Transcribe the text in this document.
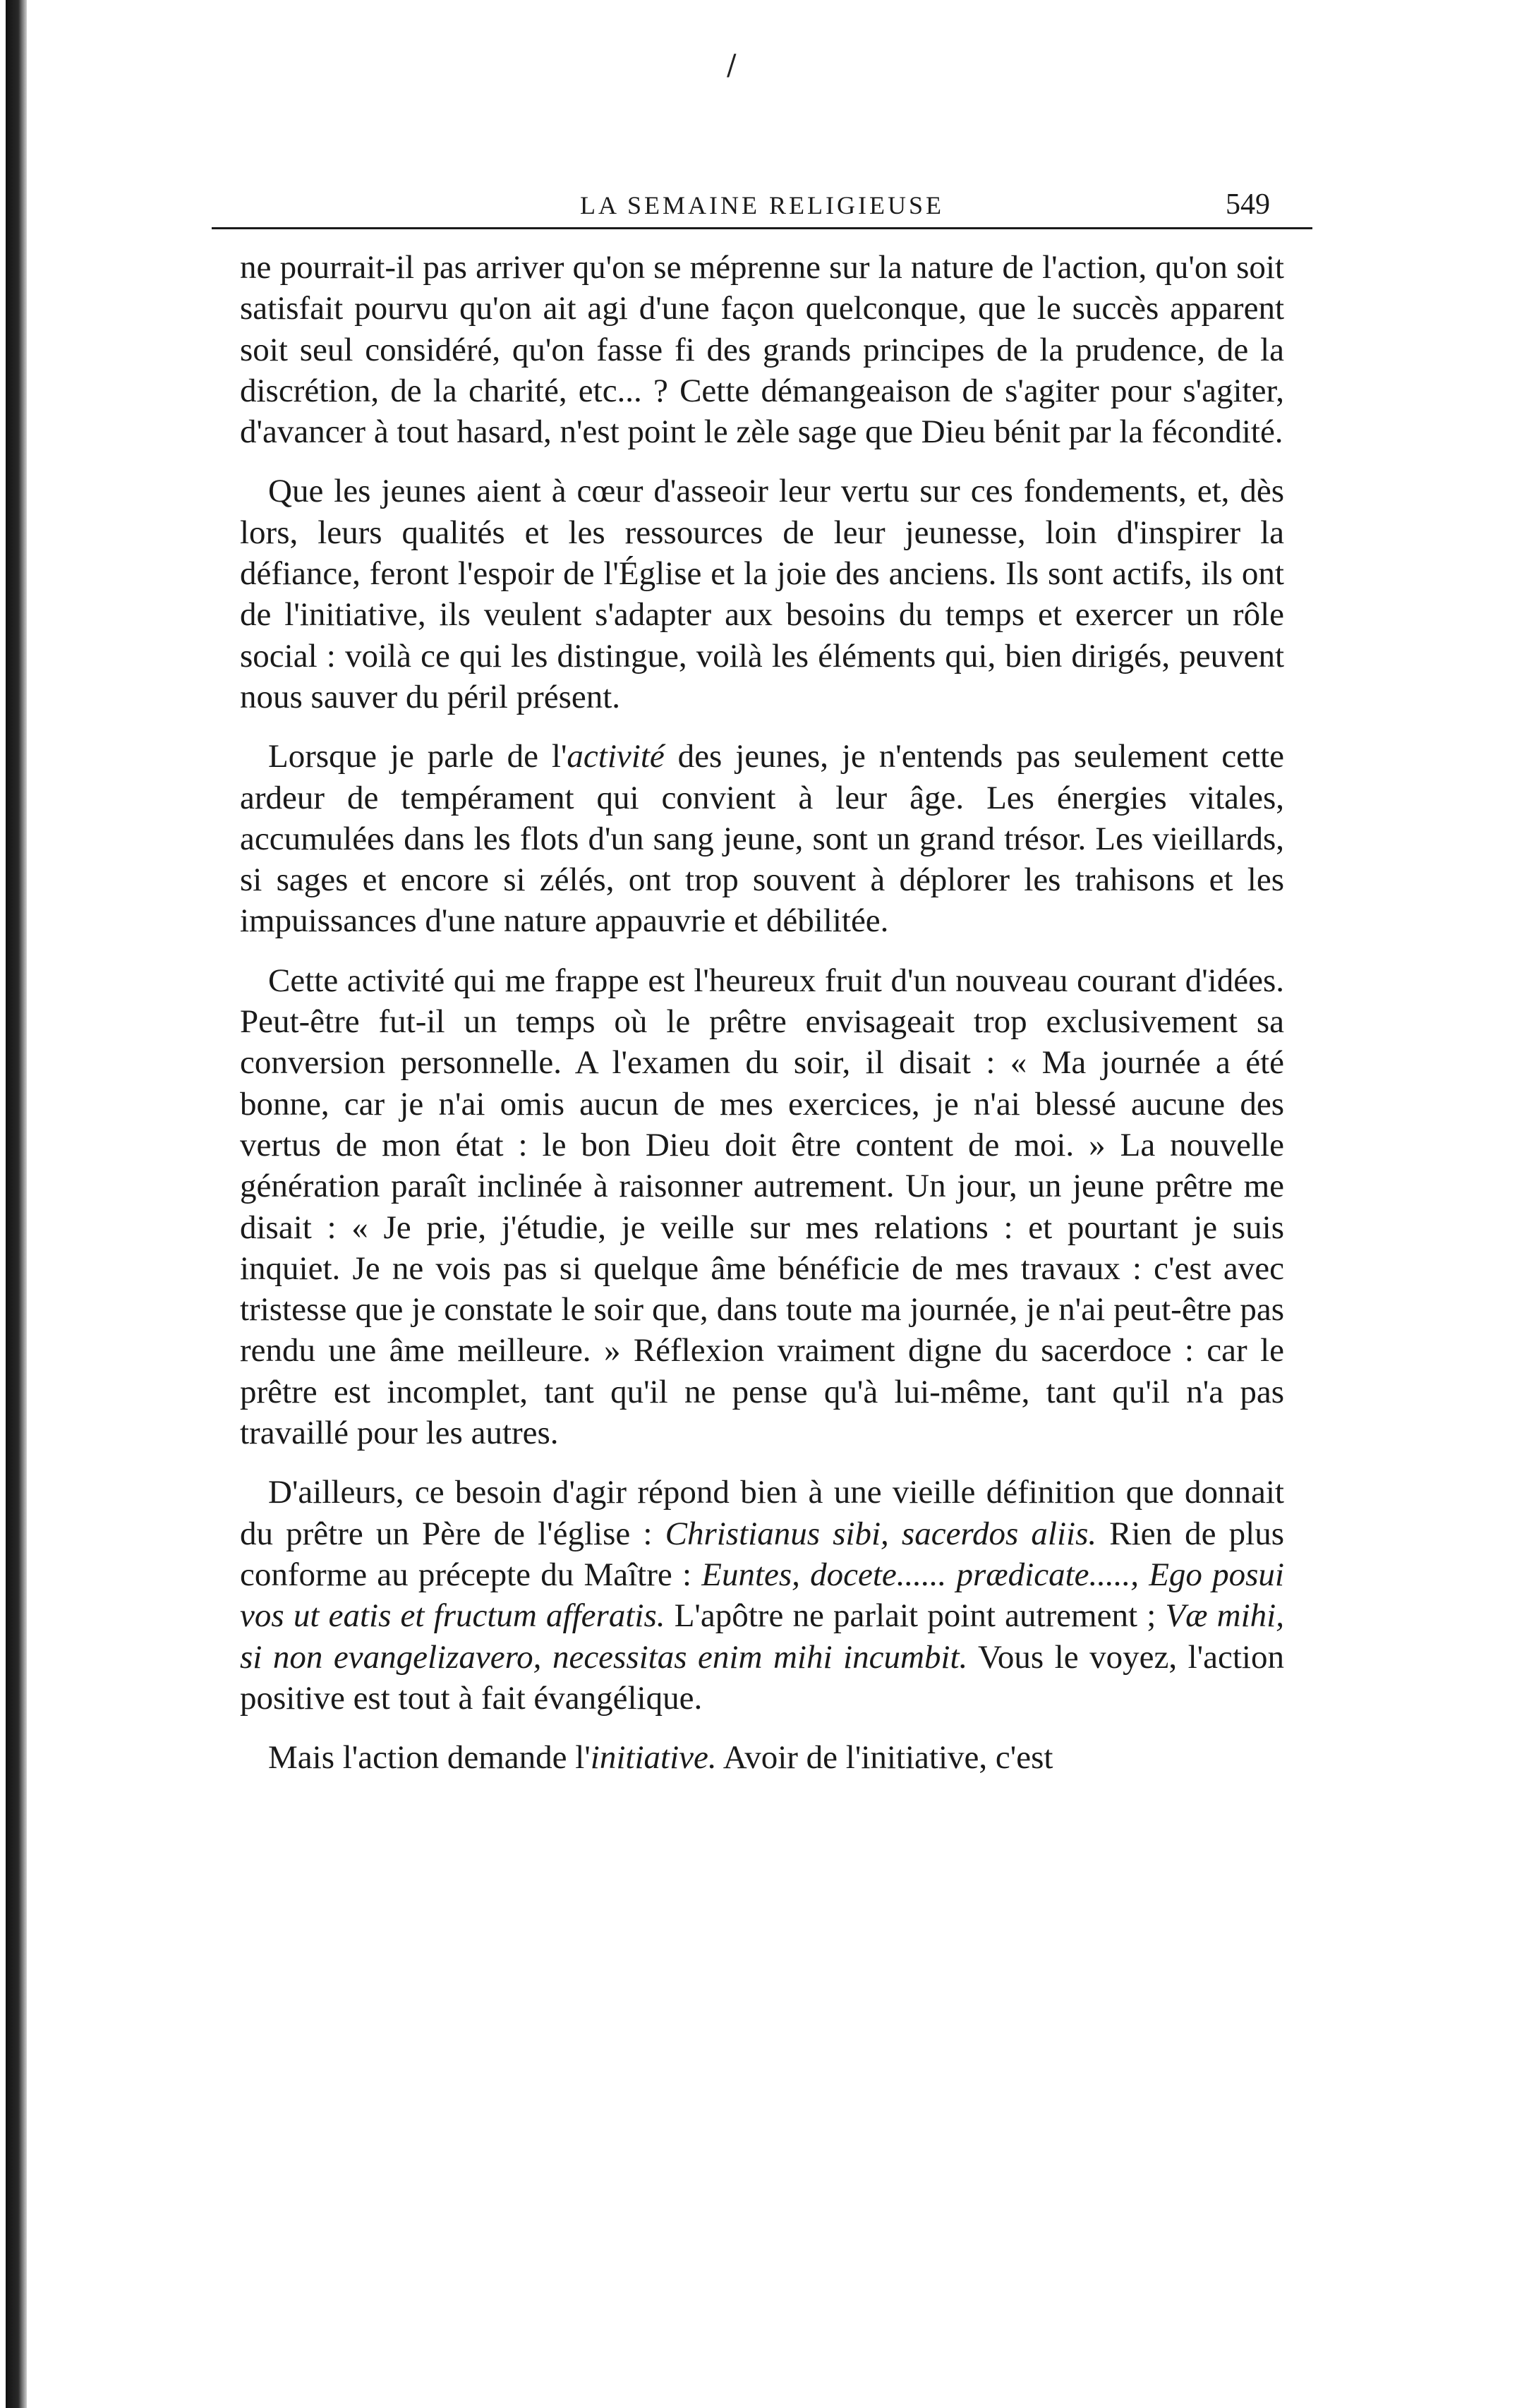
/
LA SEMAINE RELIGIEUSE	549

ne pourrait-il pas arriver qu'on se méprenne sur la nature de l'action, qu'on soit satisfait pourvu qu'on ait agi d'une façon quelconque, que le succès apparent soit seul considéré, qu'on fasse fi des grands principes de la prudence, de la discrétion, de la charité, etc... ? Cette démangeaison de s'agiter pour s'agiter, d'avancer à tout hasard, n'est point le zèle sage que Dieu bénit par la fécondité.

Que les jeunes aient à cœur d'asseoir leur vertu sur ces fondements, et, dès lors, leurs qualités et les ressources de leur jeunesse, loin d'inspirer la défiance, feront l'espoir de l'Église et la joie des anciens. Ils sont actifs, ils ont de l'initiative, ils veulent s'adapter aux besoins du temps et exercer un rôle social : voilà ce qui les distingue, voilà les éléments qui, bien dirigés, peuvent nous sauver du péril présent.

Lorsque je parle de l'activité des jeunes, je n'entends pas seulement cette ardeur de tempérament qui convient à leur âge. Les énergies vitales, accumulées dans les flots d'un sang jeune, sont un grand trésor. Les vieillards, si sages et encore si zélés, ont trop souvent à déplorer les trahisons et les impuissances d'une nature appauvrie et débilitée.

Cette activité qui me frappe est l'heureux fruit d'un nouveau courant d'idées. Peut-être fut-il un temps où le prêtre envisageait trop exclusivement sa conversion personnelle. A l'examen du soir, il disait : « Ma journée a été bonne, car je n'ai omis aucun de mes exercices, je n'ai blessé aucune des vertus de mon état : le bon Dieu doit être content de moi. » La nouvelle génération paraît inclinée à raisonner autrement. Un jour, un jeune prêtre me disait : « Je prie, j'étudie, je veille sur mes relations : et pourtant je suis inquiet. Je ne vois pas si quelque âme bénéficie de mes travaux : c'est avec tristesse que je constate le soir que, dans toute ma journée, je n'ai peut-être pas rendu une âme meilleure. » Réflexion vraiment digne du sacerdoce : car le prêtre est incomplet, tant qu'il ne pense qu'à lui-même, tant qu'il n'a pas travaillé pour les autres.

D'ailleurs, ce besoin d'agir répond bien à une vieille définition que donnait du prêtre un Père de l'église : Christianus sibi, sacerdos aliis. Rien de plus conforme au précepte du Maître : Euntes, docete...... prædicate....., Ego posui vos ut eatis et fructum afferatis. L'apôtre ne parlait point autrement ; Væ mihi, si non evangelizavero, necessitas enim mihi incumbit. Vous le voyez, l'action positive est tout à fait évangélique.

Mais l'action demande l'initiative. Avoir de l'initiative, c'est
